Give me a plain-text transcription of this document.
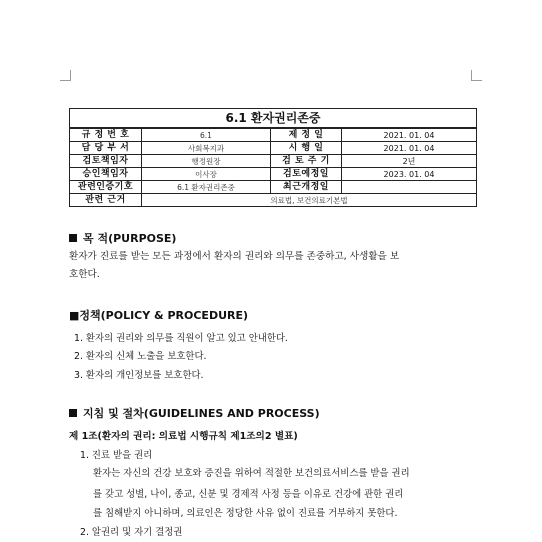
6.1 환자권리존중			
규 정 번 호	6.1	제 정 일	2021. 01. 04
담 당 부 서	사회복지과	시 행 일	2021. 01. 04
검토책임자	행정원장	검 토 주 기	2년
승인책임자	이사장	검토예정일	2023. 01. 04
관련인증기호	6.1 환자권리존중	최근개정일	
관련 근거	의료법, 보건의료기본법		
목 적(PURPOSE)
환자가 진료를 받는 모든 과정에서 환자의 권리와 의무를 존중하고, 사생활을 보
호한다.
■정책(POLICY & PROCEDURE)
1. 환자의 권리와 의무를 직원이 알고 있고 안내한다.
2. 환자의 신체 노출을 보호한다.
3. 환자의 개인정보를 보호한다.
지침 및 절차(GUIDELINES AND PROCESS)
제 1조(환자의 권리: 의료법 시행규칙 제1조의2 별표)
1. 진료 받을 권리
환자는 자신의 건강 보호와 증진을 위하여 적절한 보건의료서비스를 받을 권리
를 갖고 성별, 나이, 종교, 신분 및 경제적 사정 등을 이유로 건강에 관한 권리
를 침해받지 아니하며, 의료인은 정당한 사유 없이 진료를 거부하지 못한다.
2. 알권리 및 자기 결정권
